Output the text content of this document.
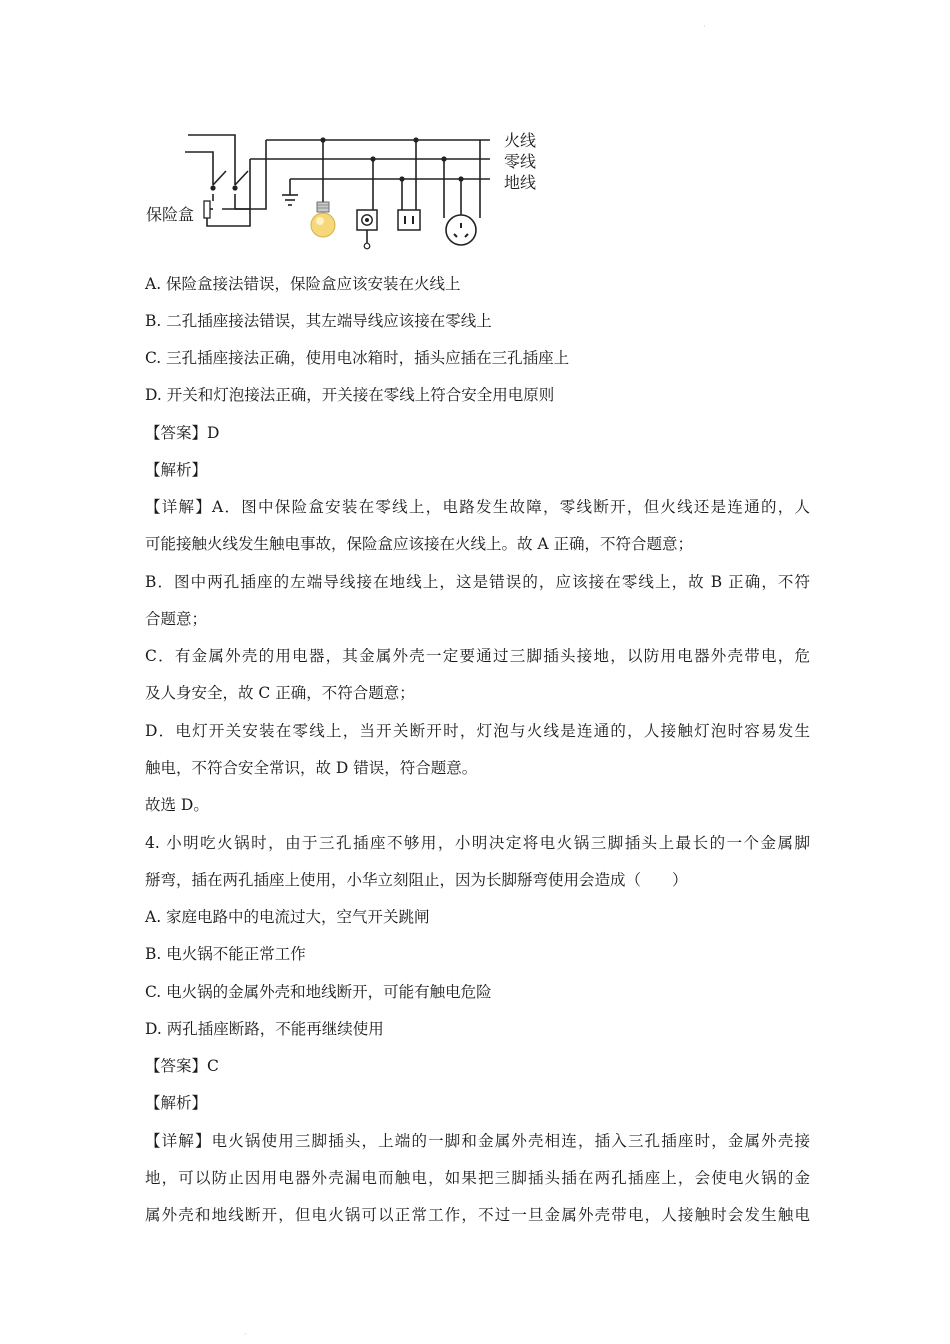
·
火线
零线
地线
保险盒
A. 保险盒接法错误，保险盒应该安装在火线上
B. 二孔插座接法错误，其左端导线应该接在零线上
C. 三孔插座接法正确，使用电冰箱时，插头应插在三孔插座上
D. 开关和灯泡接法正确，开关接在零线上符合安全用电原则
【答案】D
【解析】
【详解】A．图中保险盒安装在零线上，电路发生故障，零线断开，但火线还是连通的，人
可能接触火线发生触电事故，保险盒应该接在火线上。故 A 正确，不符合题意；
B．图中两孔插座的左端导线接在地线上，这是错误的，应该接在零线上，故 B 正确，不符
合题意；
C．有金属外壳的用电器，其金属外壳一定要通过三脚插头接地，以防用电器外壳带电，危
及人身安全，故 C 正确，不符合题意；
D．电灯开关安装在零线上，当开关断开时，灯泡与火线是连通的，人接触灯泡时容易发生
触电，不符合安全常识，故 D 错误，符合题意。
故选 D。
4. 小明吃火锅时，由于三孔插座不够用，小明决定将电火锅三脚插头上最长的一个金属脚
掰弯，插在两孔插座上使用，小华立刻阻止，因为长脚掰弯使用会造成（　　）
A. 家庭电路中的电流过大，空气开关跳闸
B. 电火锅不能正常工作
C. 电火锅的金属外壳和地线断开，可能有触电危险
D. 两孔插座断路，不能再继续使用
【答案】C
【解析】
【详解】电火锅使用三脚插头，上端的一脚和金属外壳相连，插入三孔插座时，金属外壳接
地，可以防止因用电器外壳漏电而触电，如果把三脚插头插在两孔插座上，会使电火锅的金
属外壳和地线断开，但电火锅可以正常工作，不过一旦金属外壳带电，人接触时会发生触电
·
